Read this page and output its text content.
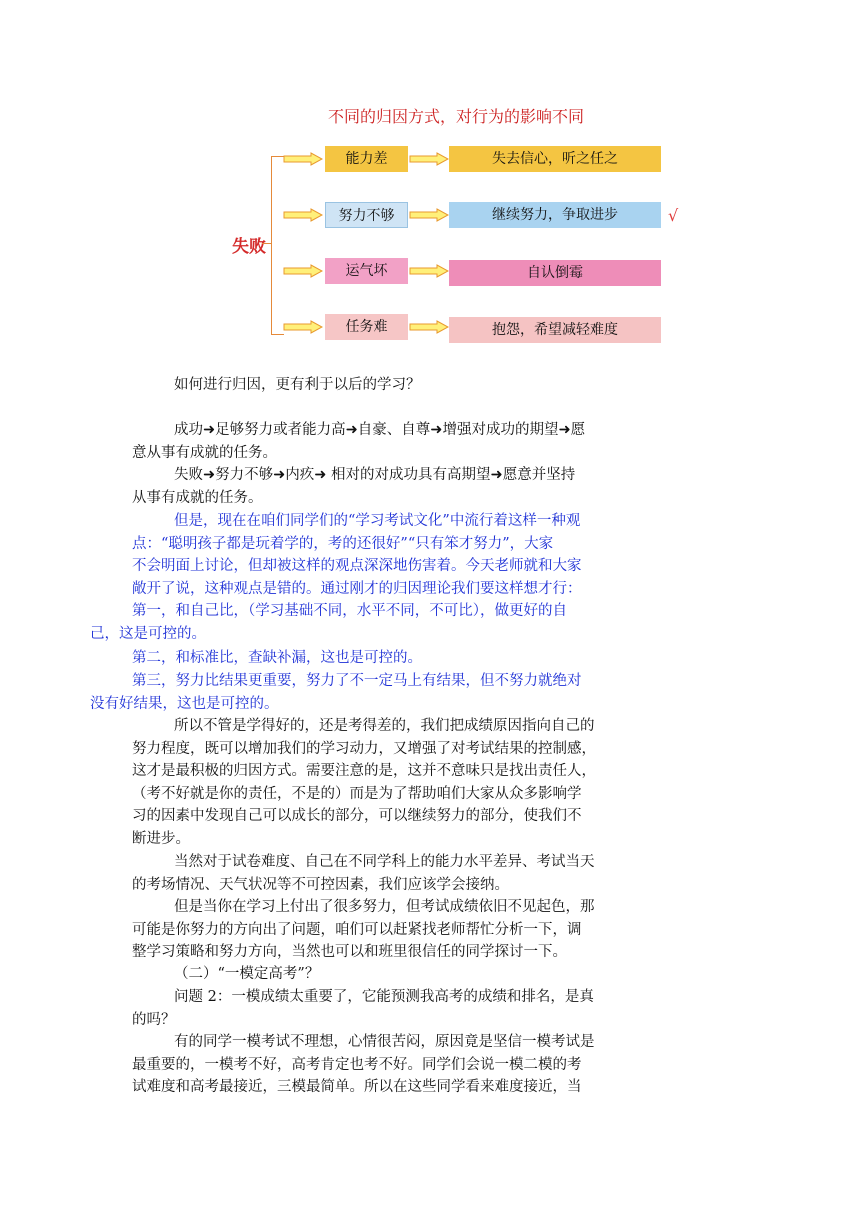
不同的归因方式，对行为的影响不同
失败
能力差	失去信心，听之任之
努力不够	继续努力，争取进步	√
运气坏	自认倒霉
任务难	抱怨，希望减轻难度

如何进行归因，更有利于以后的学习？

成功➜足够努力或者能力高➜自豪、自尊➜增强对成功的期望➜愿
意从事有成就的任务。

失败➜努力不够➜内疚➜ 相对的对成功具有高期望➜愿意并坚持
从事有成就的任务。

但是，现在在咱们同学们的“学习考试文化”中流行着这样一种观
点：“聪明孩子都是玩着学的，考的还很好”“只有笨才努力”，大家
不会明面上讨论，但却被这样的观点深深地伤害着。今天老师就和大家
敞开了说，这种观点是错的。通过刚才的归因理论我们要这样想才行：
第一，和自己比，（学习基础不同，水平不同，不可比），做更好的自
己，这是可控的。

第二，和标准比，查缺补漏，这也是可控的。

第三，努力比结果更重要，努力了不一定马上有结果，但不努力就绝对
没有好结果，这也是可控的。

所以不管是学得好的，还是考得差的，我们把成绩原因指向自己的
努力程度，既可以增加我们的学习动力，又增强了对考试结果的控制感，
这才是最积极的归因方式。需要注意的是，这并不意味只是找出责任人，
（考不好就是你的责任，不是的）而是为了帮助咱们大家从众多影响学
习的因素中发现自己可以成长的部分，可以继续努力的部分，使我们不
断进步。

当然对于试卷难度、自己在不同学科上的能力水平差异、考试当天
的考场情况、天气状况等不可控因素，我们应该学会接纳。

但是当你在学习上付出了很多努力，但考试成绩依旧不见起色，那
可能是你努力的方向出了问题，咱们可以赶紧找老师帮忙分析一下，调
整学习策略和努力方向，当然也可以和班里很信任的同学探讨一下。

（二）“一模定高考”？

问题 2：一模成绩太重要了，它能预测我高考的成绩和排名，是真
的吗？

有的同学一模考试不理想，心情很苦闷，原因竟是坚信一模考试是
最重要的，一模考不好，高考肯定也考不好。同学们会说一模二模的考
试难度和高考最接近，三模最简单。所以在这些同学看来难度接近，当
